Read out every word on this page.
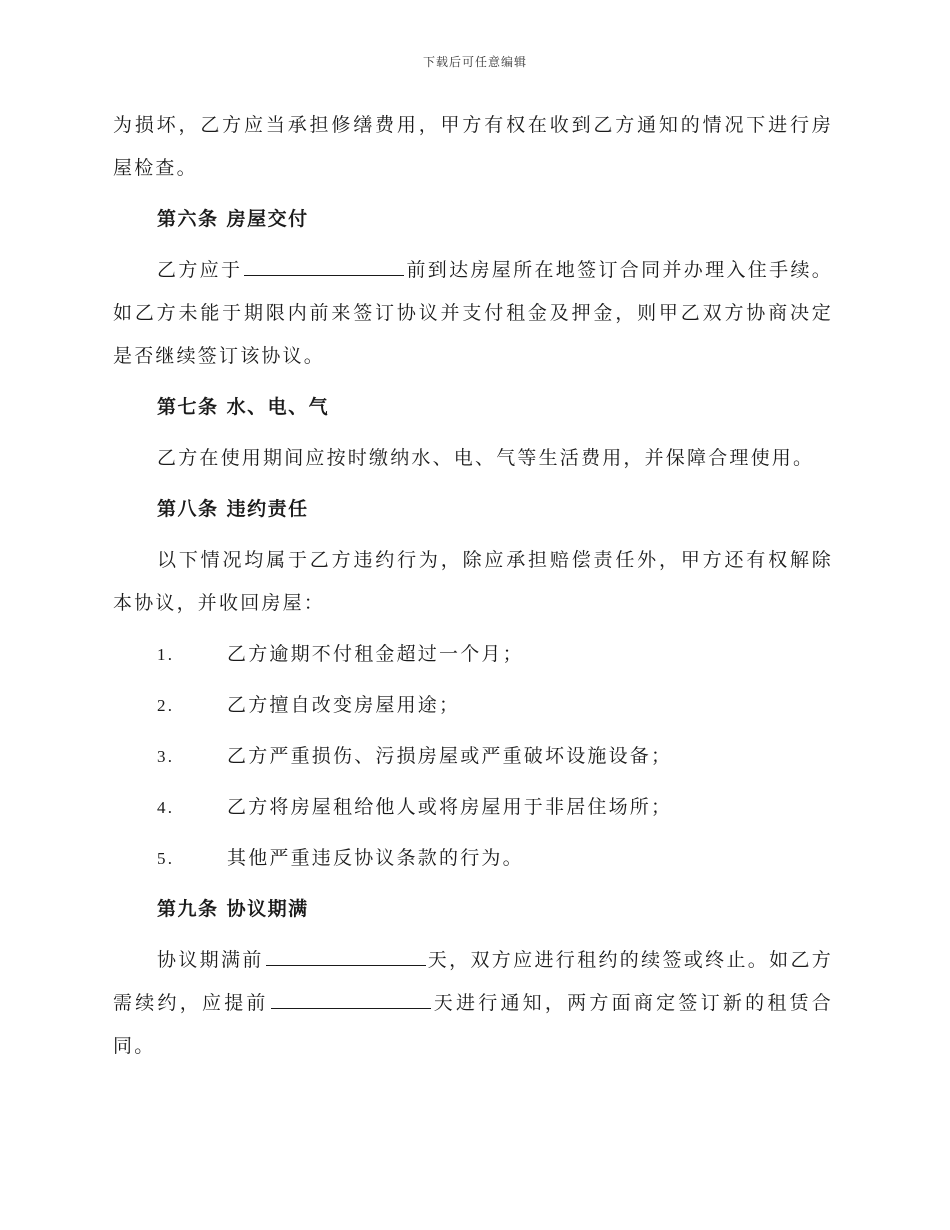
下载后可任意编辑

为损坏，乙方应当承担修缮费用，甲方有权在收到乙方通知的情况下进行房屋检查。

第六条 房屋交付

乙方应于	前到达房屋所在地签订合同并办理入住手续。如乙方未能于期限内前来签订协议并支付租金及押金，则甲乙双方协商决定是否继续签订该协议。

第七条 水、电、气

乙方在使用期间应按时缴纳水、电、气等生活费用，并保障合理使用。

第八条 违约责任

以下情况均属于乙方违约行为，除应承担赔偿责任外，甲方还有权解除本协议，并收回房屋：

1.	乙方逾期不付租金超过一个月；
2.	乙方擅自改变房屋用途；
3.	乙方严重损伤、污损房屋或严重破坏设施设备；
4.	乙方将房屋租给他人或将房屋用于非居住场所；
5.	其他严重违反协议条款的行为。

第九条 协议期满

协议期满前	天，双方应进行租约的续签或终止。如乙方需续约，应提前	天进行通知，两方面商定签订新的租赁合同。
